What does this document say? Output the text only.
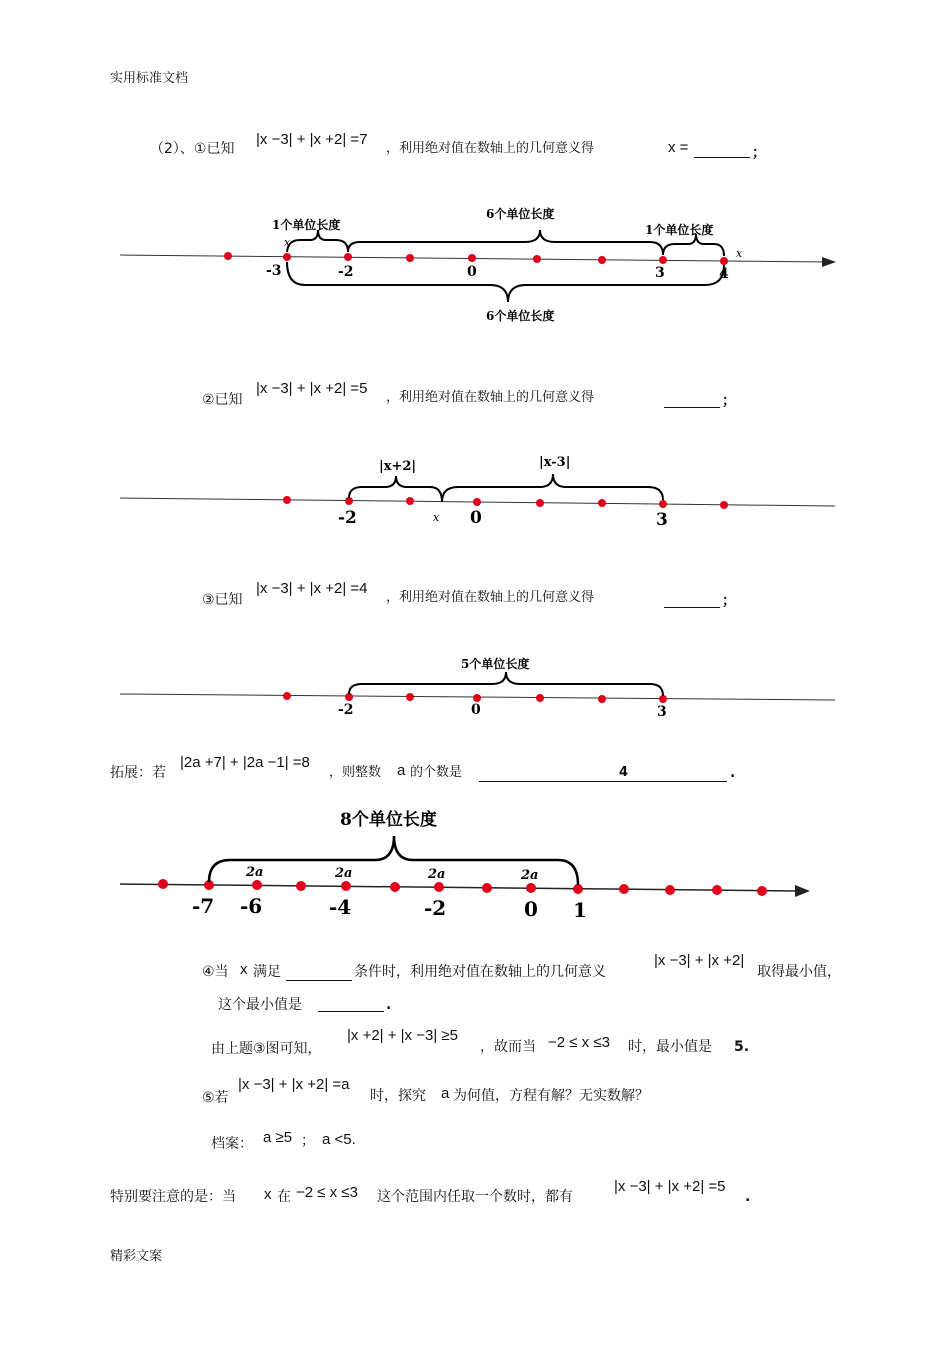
实用标准文档
（2）、①已知
|x −3| + |x +2| =7
，利用绝对值在数轴上的几何意义得	x =	；
1个单位长度
6个单位长度
1个单位长度
6个单位长度
x
x
-3	-2	0	3	4
②已知
|x −3| + |x +2| =5
，利用绝对值在数轴上的几何意义得	；
|x+2|	|x-3|
x
-2	0	3
③已知
|x −3| + |x +2| =4
，利用绝对值在数轴上的几何意义得	；
5个单位长度
-2	0	3
拓展：若
|2a +7| + |2a −1| =8
，则整数 a 的个数是	4	.
8个单位长度
2a	2a	2a	2a
-7 -6	-4	-2	0 1
④当 x 满足	条件时，利用绝对值在数轴上的几何意义
|x −3| + |x +2|
取得最小值，
这个最小值是	.
由上题③图可知，
|x +2| + |x −3| ≥5
，故而当 −2 ≤ x ≤3 时，最小值是 5.
⑤若
|x −3| + |x +2| =a
时，探究 a 为何值，方程有解？无实数解？
档案： a ≥5 ； a <5.
特别要注意的是：当 x 在 −2 ≤ x ≤3 这个范围内任取一个数时，都有
|x −3| + |x +2| =5
.
精彩文案
